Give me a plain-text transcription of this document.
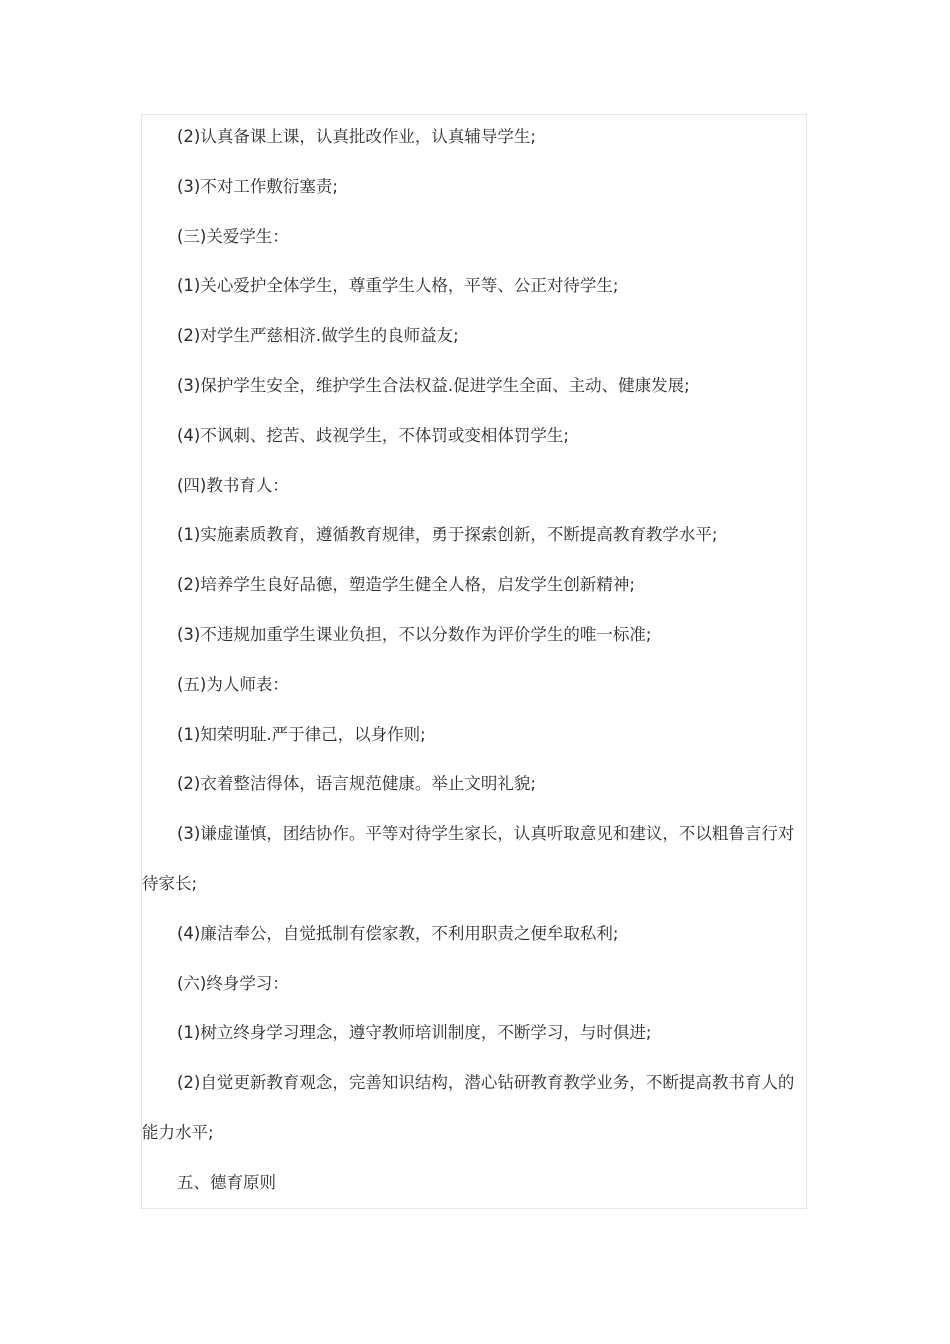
(2)认真备课上课，认真批改作业，认真辅导学生;

(3)不对工作敷衍塞责;

(三)关爱学生：

(1)关心爱护全体学生，尊重学生人格，平等、公正对待学生;

(2)对学生严慈相济.做学生的良师益友;

(3)保护学生安全，维护学生合法权益.促进学生全面、主动、健康发展;

(4)不讽刺、挖苦、歧视学生，不体罚或变相体罚学生;

(四)教书育人：

(1)实施素质教育，遵循教育规律，勇于探索创新，不断提高教育教学水平;

(2)培养学生良好品德，塑造学生健全人格，启发学生创新精神;

(3)不违规加重学生课业负担，不以分数作为评价学生的唯一标准;

(五)为人师表：

(1)知荣明耻.严于律己，以身作则;

(2)衣着整洁得体，语言规范健康。举止文明礼貌;

(3)谦虚谨慎，团结协作。平等对待学生家长，认真听取意见和建议，不以粗鲁言行对待家长;

(4)廉洁奉公，自觉抵制有偿家教，不利用职责之便牟取私利;

(六)终身学习：

(1)树立终身学习理念，遵守教师培训制度，不断学习，与时俱进;

(2)自觉更新教育观念，完善知识结构，潜心钻研教育教学业务，不断提高教书育人的能力水平;

五、德育原则
